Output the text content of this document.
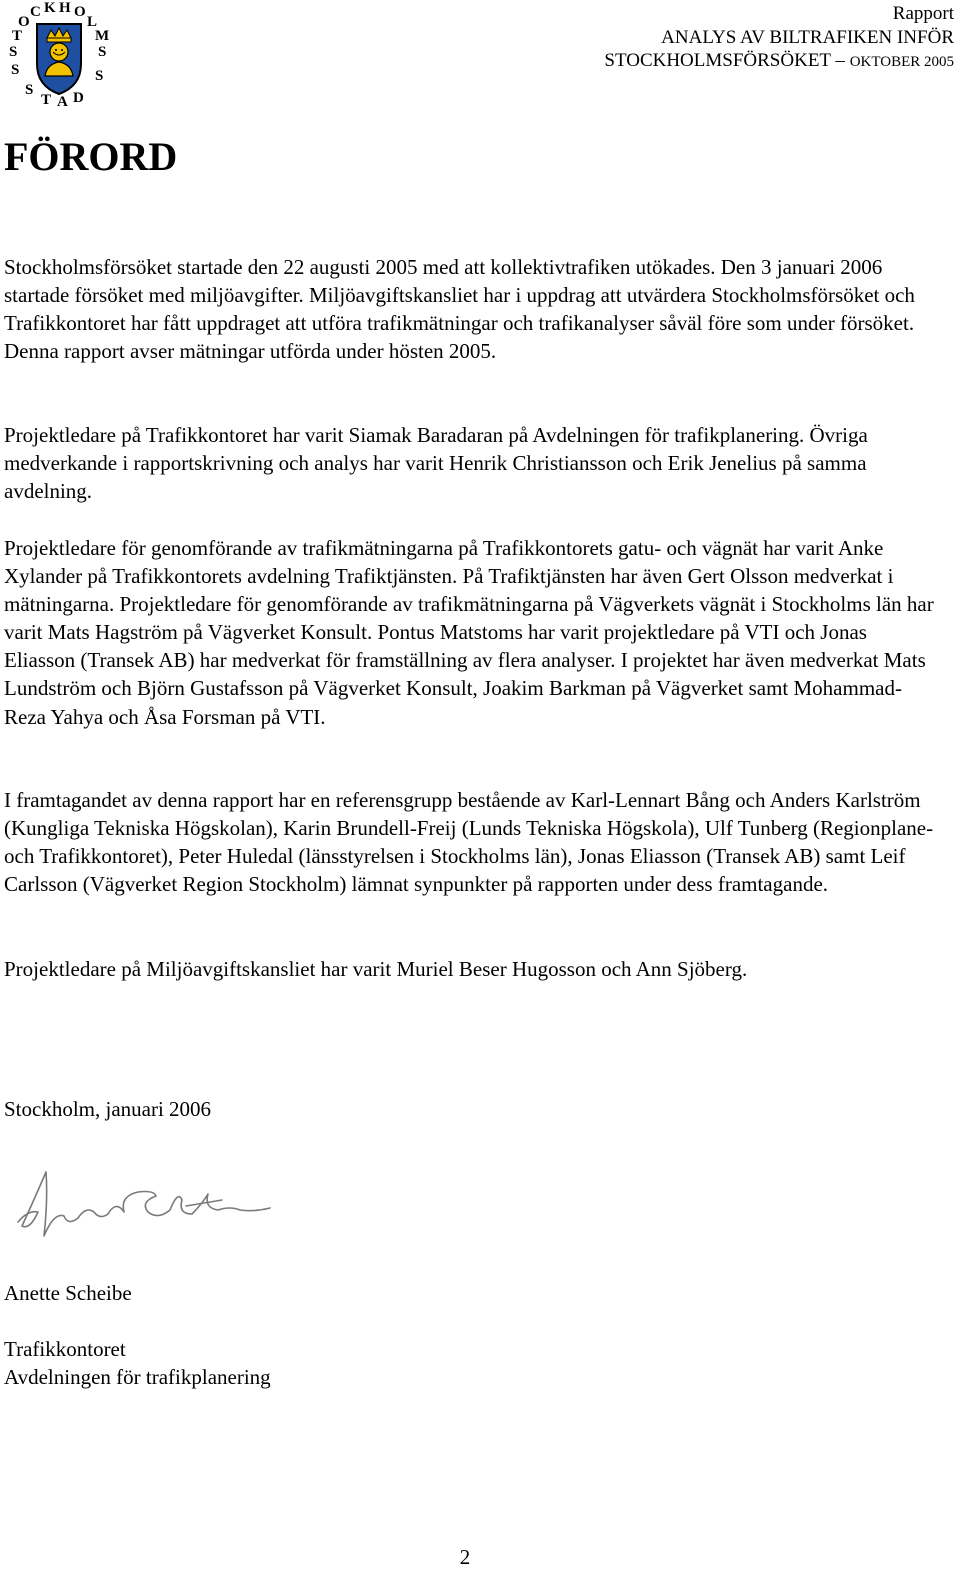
S
T
O
C K H O
L
M
S
S
S
T A D
S
Rapport
ANALYS AV BILTRAFIKEN INFÖR
STOCKHOLMSFÖRSÖKET – OKTOBER 2005
FÖRORD

Stockholmsförsöket startade den 22 augusti 2005 med att kollektivtrafiken utökades. Den 3 januari 2006 startade försöket med miljöavgifter. Miljöavgiftskansliet har i uppdrag att utvärdera Stockholmsförsöket och Trafikkontoret har fått uppdraget att utföra trafikmätningar och trafikanalyser såväl före som under försöket. Denna rapport avser mätningar utförda under hösten 2005.

Projektledare på Trafikkontoret har varit Siamak Baradaran på Avdelningen för trafikplanering. Övriga medverkande i rapportskrivning och analys har varit Henrik Christiansson och Erik Jenelius på samma avdelning.

Projektledare för genomförande av trafikmätningarna på Trafikkontorets gatu- och vägnät har varit Anke Xylander på Trafikkontorets avdelning Trafiktjänsten. På Trafiktjänsten har även Gert Olsson medverkat i mätningarna. Projektledare för genomförande av trafikmätningarna på Vägverkets vägnät i Stockholms län har varit Mats Hagström på Vägverket Konsult. Pontus Matstoms har varit projektledare på VTI och Jonas Eliasson (Transek AB) har medverkat för framställning av flera analyser. I projektet har även medverkat Mats Lundström och Björn Gustafsson på Vägverket Konsult, Joakim Barkman på Vägverket samt Mohammad-Reza Yahya och Åsa Forsman på VTI.

I framtagandet av denna rapport har en referensgrupp bestående av Karl-Lennart Bång och Anders Karlström (Kungliga Tekniska Högskolan), Karin Brundell-Freij (Lunds Tekniska Högskola), Ulf Tunberg (Regionplane- och Trafikkontoret), Peter Huledal (länsstyrelsen i Stockholms län), Jonas Eliasson (Transek AB) samt Leif Carlsson (Vägverket Region Stockholm) lämnat synpunkter på rapporten under dess framtagande.

Projektledare på Miljöavgiftskansliet har varit Muriel Beser Hugosson och Ann Sjöberg.

Stockholm, januari 2006

Anette Scheibe

Trafikkontoret

Avdelningen för trafikplanering

2
